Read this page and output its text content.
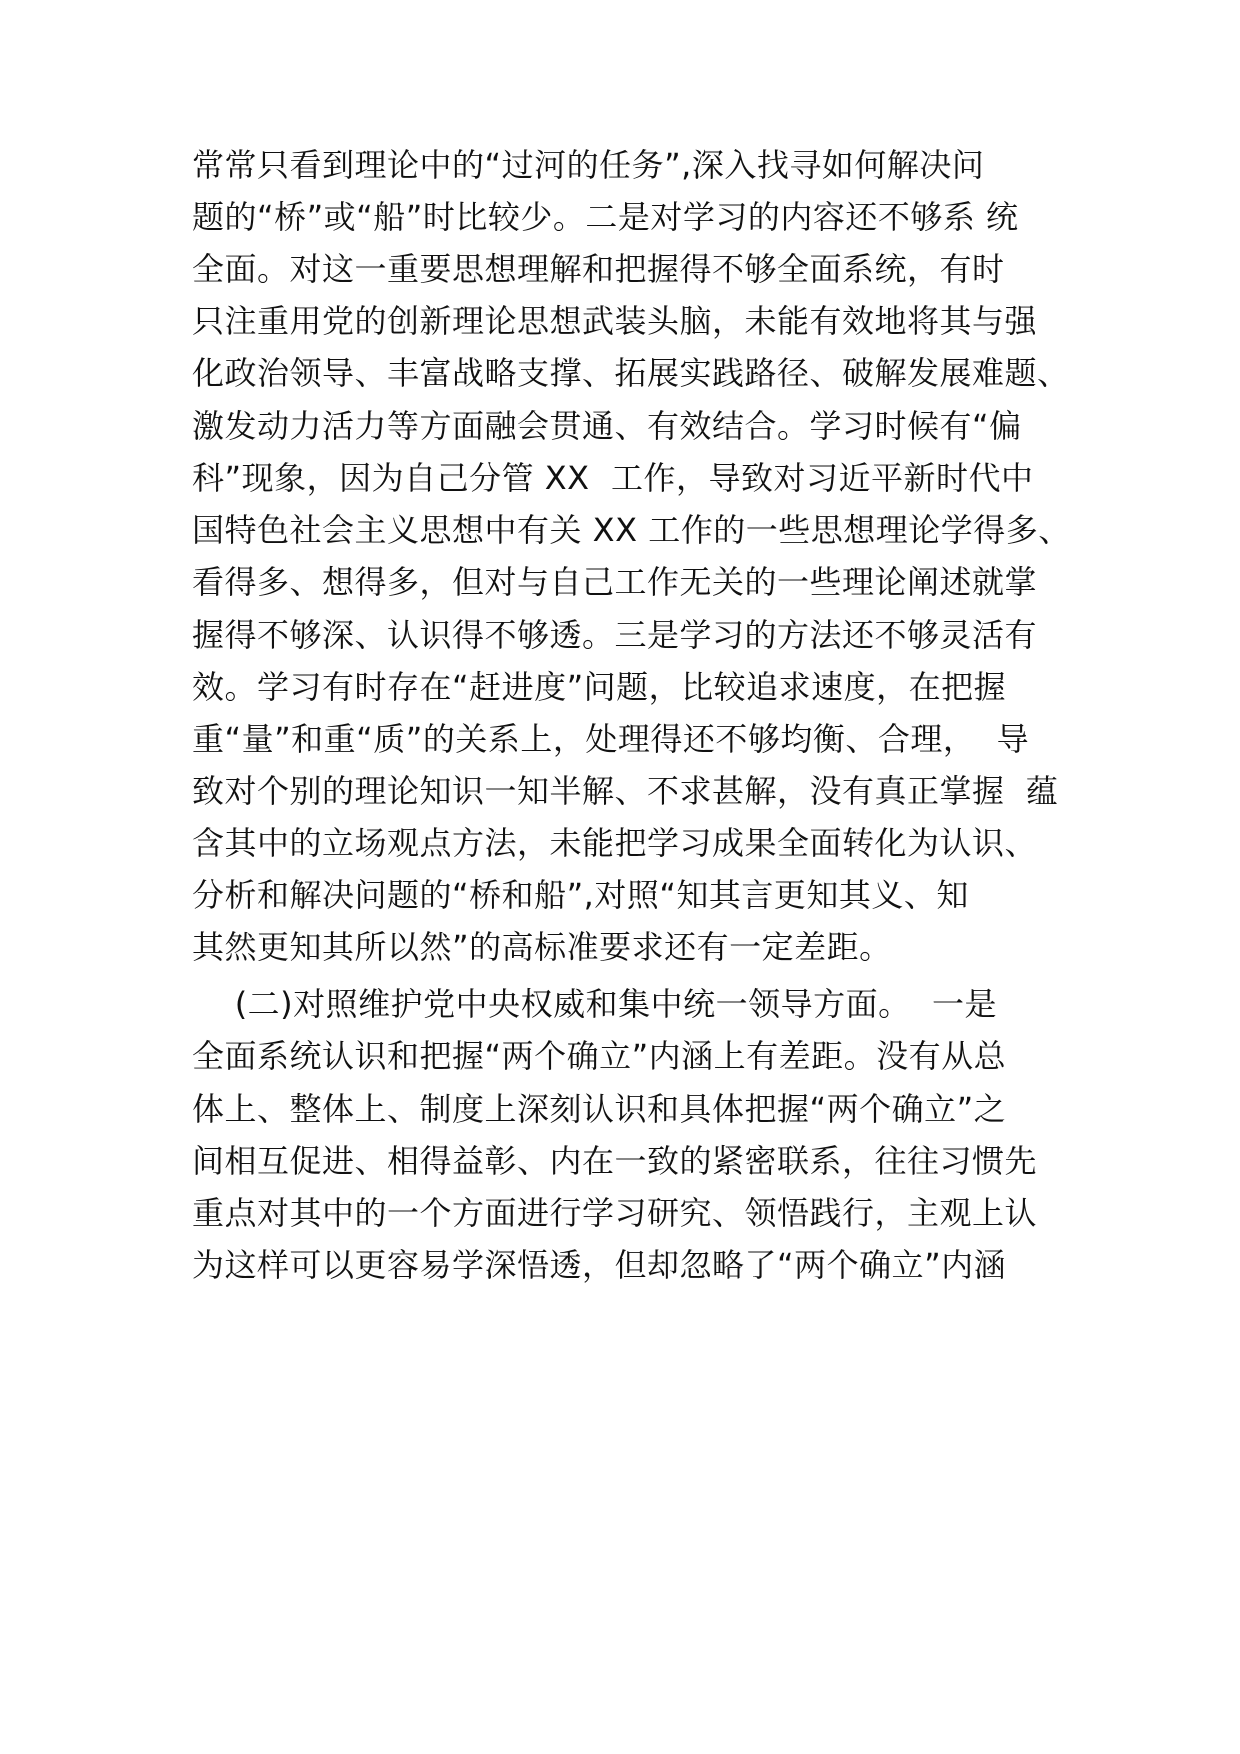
常常只看到理论中的“过河的任务”,深入找寻如何解决问
题的“桥”或“船”时比较少。二是对学习的内容还不够系 统
全面。对这一重要思想理解和把握得不够全面系统，有时
只注重用党的创新理论思想武装头脑，未能有效地将其与强
化政治领导、丰富战略支撑、拓展实践路径、破解发展难题、
激发动力活力等方面融会贯通、有效结合。学习时候有“偏
科”现象，因为自己分管 XX  工作，导致对习近平新时代中
国特色社会主义思想中有关 XX 工作的一些思想理论学得多、
看得多、想得多，但对与自己工作无关的一些理论阐述就掌
握得不够深、认识得不够透。三是学习的方法还不够灵活有
效。学习有时存在“赶进度”问题，比较追求速度，在把握
重“量”和重“质”的关系上，处理得还不够均衡、合理，  导
致对个别的理论知识一知半解、不求甚解，没有真正掌握  蕴
含其中的立场观点方法，未能把学习成果全面转化为认识、
分析和解决问题的“桥和船”,对照“知其言更知其义、知
其然更知其所以然”的高标准要求还有一定差距。
(二)对照维护党中央权威和集中统一领导方面。  一是
全面系统认识和把握“两个确立”内涵上有差距。没有从总
体上、整体上、制度上深刻认识和具体把握“两个确立”之
间相互促进、相得益彰、内在一致的紧密联系，往往习惯先
重点对其中的一个方面进行学习研究、领悟践行，主观上认
为这样可以更容易学深悟透，但却忽略了“两个确立”内涵
